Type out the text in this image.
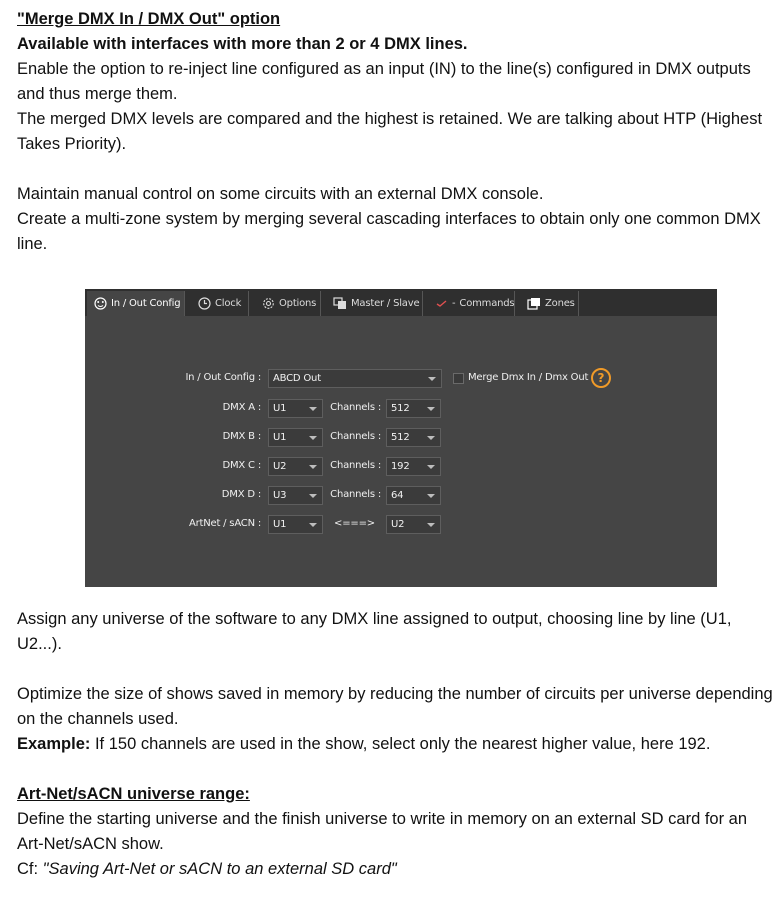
"Merge DMX In / DMX Out" option

Available with interfaces with more than 2 or 4 DMX lines.

Enable the option to re-inject line configured as an input (IN) to the line(s) configured in DMX outputs and thus merge them.

The merged DMX levels are compared and the highest is retained. We are talking about HTP (Highest Takes Priority).

Maintain manual control on some circuits with an external DMX console.

Create a multi-zone system by merging several cascading interfaces to obtain only one common DMX line.

Assign any universe of the software to any DMX line assigned to output, choosing line by line (U1, U2...).

Optimize the size of shows saved in memory by reducing the number of circuits per universe depending on the channels used.

Example: If 150 channels are used in the show, select only the nearest higher value, here 192.

Art-Net/sACN universe range:

Define the starting universe and the finish universe to write in memory on an external SD card for an Art-Net/sACN show.

Cf: "Saving Art-Net or sACN to an external SD card"

In / Out Config	Clock	Options	Master / Slave	- Commands	Zones
In / Out Config :	ABCD Out	Merge Dmx In / Dmx Out ?
DMX A :	U1	Channels :	512
DMX B :	U1	Channels :	512
DMX C :	U2	Channels :	192
DMX D :	U3	Channels :	64
ArtNet / sACN :	U1	<===>	U2
